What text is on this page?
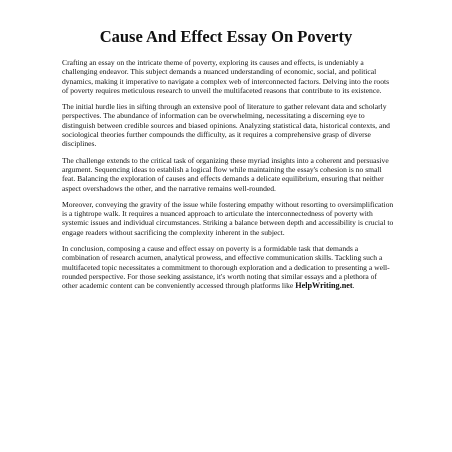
Cause And Effect Essay On Poverty

Crafting an essay on the intricate theme of poverty, exploring its causes and effects, is undeniably a challenging endeavor. This subject demands a nuanced understanding of economic, social, and political dynamics, making it imperative to navigate a complex web of interconnected factors. Delving into the roots of poverty requires meticulous research to unveil the multifaceted reasons that contribute to its existence.

The initial hurdle lies in sifting through an extensive pool of literature to gather relevant data and scholarly perspectives. The abundance of information can be overwhelming, necessitating a discerning eye to distinguish between credible sources and biased opinions. Analyzing statistical data, historical contexts, and sociological theories further compounds the difficulty, as it requires a comprehensive grasp of diverse disciplines.

The challenge extends to the critical task of organizing these myriad insights into a coherent and persuasive argument. Sequencing ideas to establish a logical flow while maintaining the essay's cohesion is no small feat. Balancing the exploration of causes and effects demands a delicate equilibrium, ensuring that neither aspect overshadows the other, and the narrative remains well-rounded.

Moreover, conveying the gravity of the issue while fostering empathy without resorting to oversimplification is a tightrope walk. It requires a nuanced approach to articulate the interconnectedness of poverty with systemic issues and individual circumstances. Striking a balance between depth and accessibility is crucial to engage readers without sacrificing the complexity inherent in the subject.

In conclusion, composing a cause and effect essay on poverty is a formidable task that demands a combination of research acumen, analytical prowess, and effective communication skills. Tackling such a multifaceted topic necessitates a commitment to thorough exploration and a dedication to presenting a well-rounded perspective. For those seeking assistance, it's worth noting that similar essays and a plethora of other academic content can be conveniently accessed through platforms like HelpWriting.net.
